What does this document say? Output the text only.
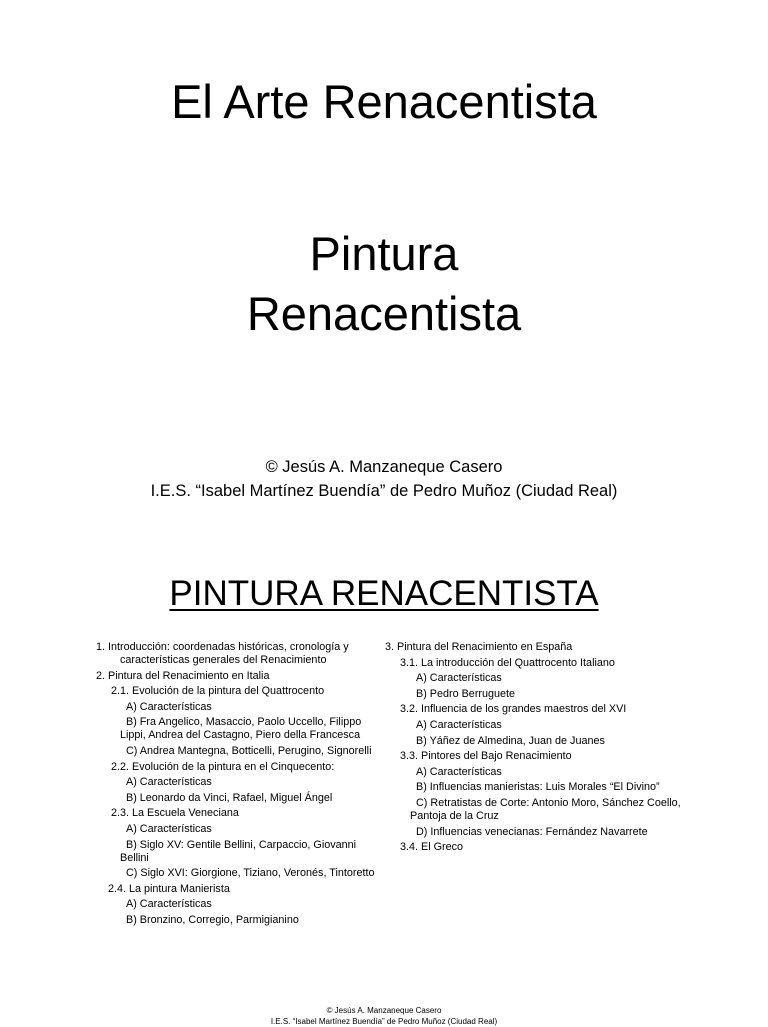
El Arte Renacentista
Pintura
Renacentista
© Jesús A. Manzaneque Casero
I.E.S. “Isabel Martínez Buendía” de Pedro Muñoz (Ciudad Real)
PINTURA RENACENTISTA
1. Introducción: coordenadas históricas, cronología y características generales del Renacimiento
2. Pintura del Renacimiento en Italia
2.1. Evolución de la pintura del Quattrocento
A) Características
B) Fra Angelico, Masaccio, Paolo Uccello, Filippo Lippi, Andrea del Castagno, Piero della Francesca
C) Andrea Mantegna, Botticelli, Perugino, Signorelli
2.2. Evolución de la pintura en el Cinquecento:
A) Características
B) Leonardo da Vinci, Rafael, Miguel Ángel
2.3. La Escuela Veneciana
A) Características
B) Siglo XV: Gentile Bellini, Carpaccio, Giovanni Bellini
C) Siglo XVI: Giorgione, Tiziano, Veronés, Tintoretto
2.4. La pintura Manierista
A) Características
B) Bronzino, Corregio, Parmigianino
3. Pintura del Renacimiento en España
3.1. La introducción del Quattrocento Italiano
A) Características
B) Pedro Berruguete
3.2. Influencia de los grandes maestros del XVI
A) Características
B) Yáñez de Almedina, Juan de Juanes
3.3. Pintores del Bajo Renacimiento
A) Características
B) Influencias manieristas: Luis Morales “El Divino”
C) Retratistas de Corte: Antonio Moro, Sánchez Coello, Pantoja de la Cruz
D) Influencias venecianas: Fernández Navarrete
3.4. El Greco
© Jesús A. Manzaneque Casero
I.E.S. “Isabel Martínez Buendía” de Pedro Muñoz (Ciudad Real)
